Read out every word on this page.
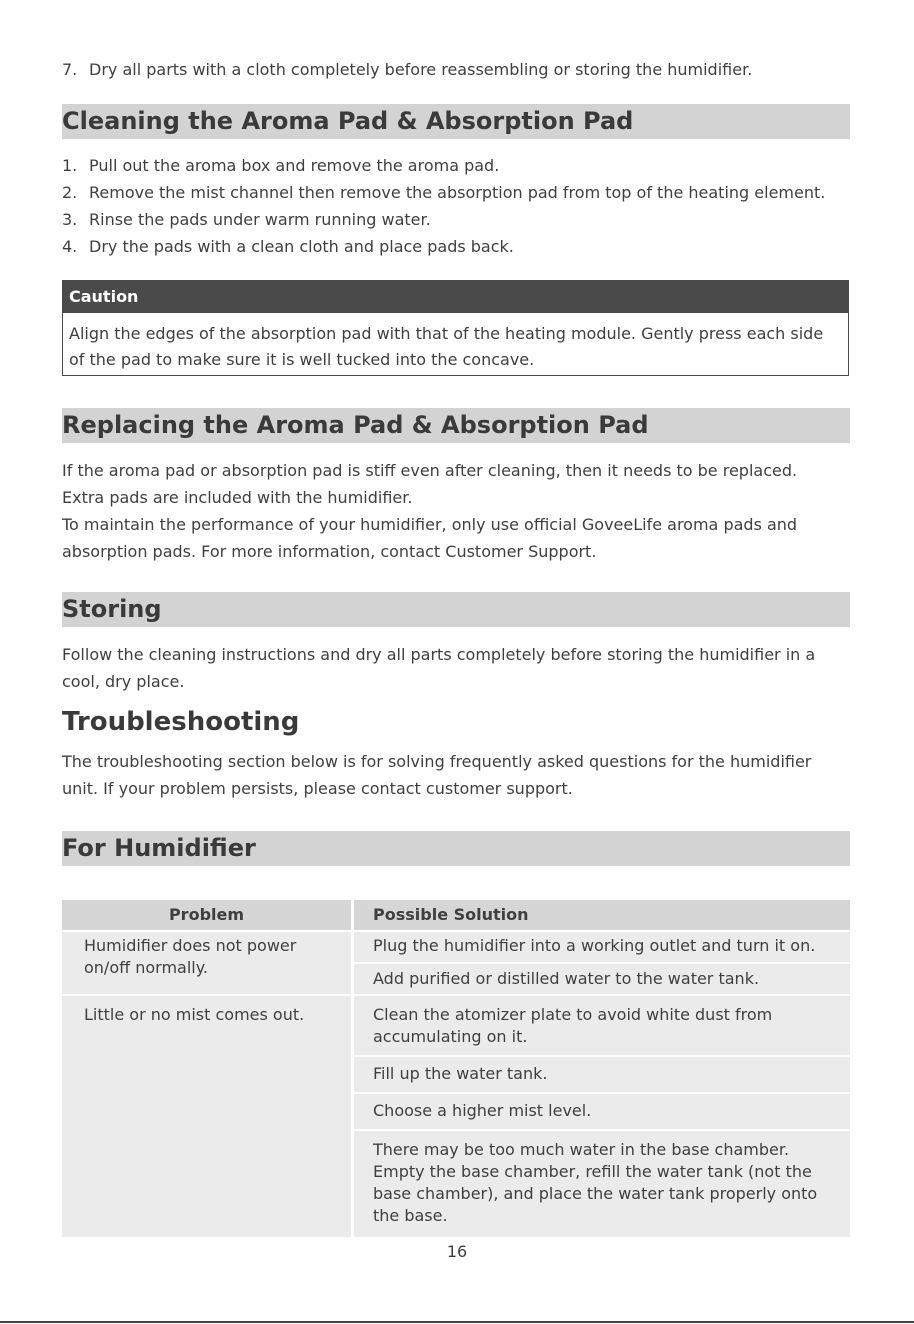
7. Dry all parts with a cloth completely before reassembling or storing the humidifier.
Cleaning the Aroma Pad & Absorption Pad
1. Pull out the aroma box and remove the aroma pad.
2. Remove the mist channel then remove the absorption pad from top of the heating element.
3. Rinse the pads under warm running water.
4. Dry the pads with a clean cloth and place pads back.
Caution
Align the edges of the absorption pad with that of the heating module. Gently press each side
of the pad to make sure it is well tucked into the concave.
Replacing the Aroma Pad & Absorption Pad
If the aroma pad or absorption pad is stiff even after cleaning, then it needs to be replaced.
Extra pads are included with the humidifier.
To maintain the performance of your humidifier, only use official GoveeLife aroma pads and
absorption pads. For more information, contact Customer Support.
Storing
Follow the cleaning instructions and dry all parts completely before storing the humidifier in a
cool, dry place.
Troubleshooting
The troubleshooting section below is for solving frequently asked questions for the humidifier
unit. If your problem persists, please contact customer support.
For Humidifier
Problem	Possible Solution
Humidifier does not power
on/off normally.
Little or no mist comes out.
Plug the humidifier into a working outlet and turn it on.
Add purified or distilled water to the water tank.
Clean the atomizer plate to avoid white dust from
accumulating on it.
Fill up the water tank.
Choose a higher mist level.
There may be too much water in the base chamber.
Empty the base chamber, refill the water tank (not the
base chamber), and place the water tank properly onto
the base.
16
